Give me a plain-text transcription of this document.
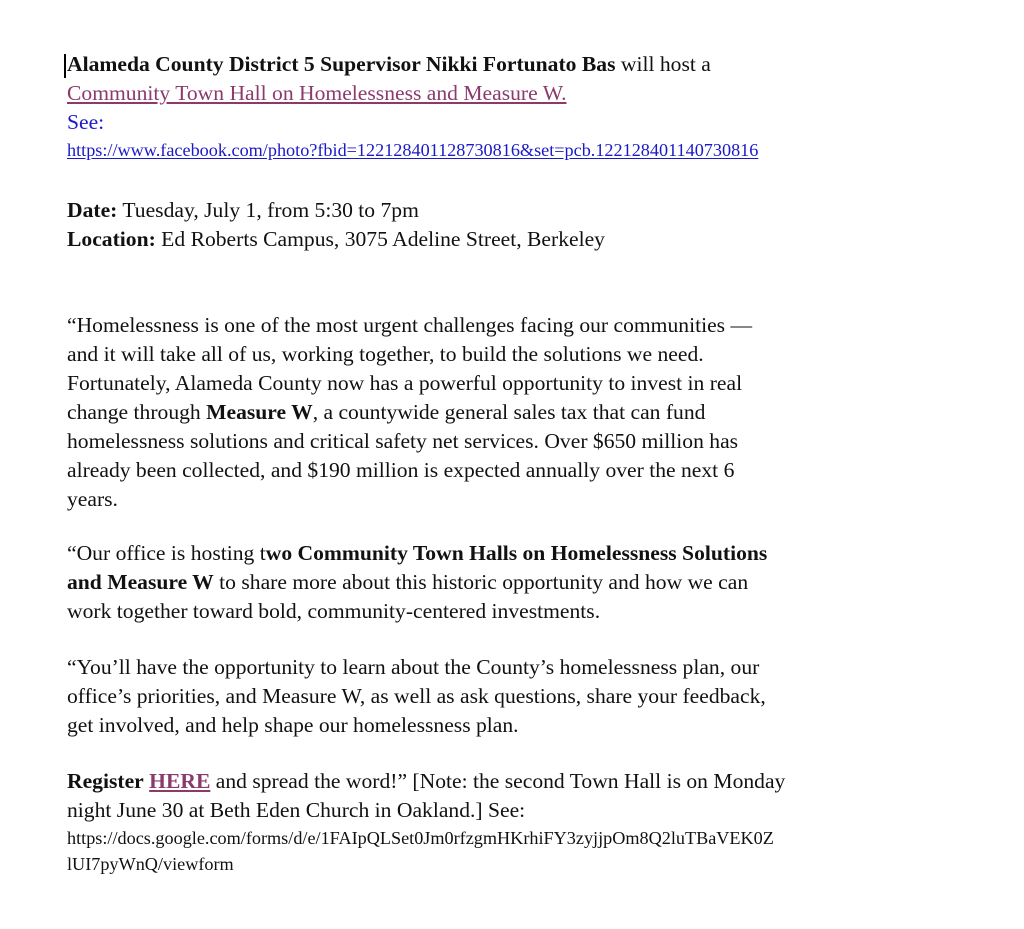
Alameda County District 5 Supervisor Nikki Fortunato Bas will host a
Community Town Hall on Homelessness and Measure W.
See:
https://www.facebook.com/photo?fbid=122128401128730816&set=pcb.122128401140730816
Date: Tuesday, July 1, from 5:30 to 7pm
Location: Ed Roberts Campus, 3075 Adeline Street, Berkeley
“Homelessness is one of the most urgent challenges facing our communities —
and it will take all of us, working together, to build the solutions we need.
Fortunately, Alameda County now has a powerful opportunity to invest in real
change through Measure W, a countywide general sales tax that can fund
homelessness solutions and critical safety net services. Over $650 million has
already been collected, and $190 million is expected annually over the next 6
years.
“Our office is hosting two Community Town Halls on Homelessness Solutions
and Measure W to share more about this historic opportunity and how we can
work together toward bold, community-centered investments.
“You’ll have the opportunity to learn about the County’s homelessness plan, our
office’s priorities, and Measure W, as well as ask questions, share your feedback,
get involved, and help shape our homelessness plan.
Register HERE and spread the word!” [Note: the second Town Hall is on Monday
night June 30 at Beth Eden Church in Oakland.] See:
https://docs.google.com/forms/d/e/1FAIpQLSet0Jm0rfzgmHKrhiFY3zyjjpOm8Q2luTBaVEK0Z
lUI7pyWnQ/viewform
